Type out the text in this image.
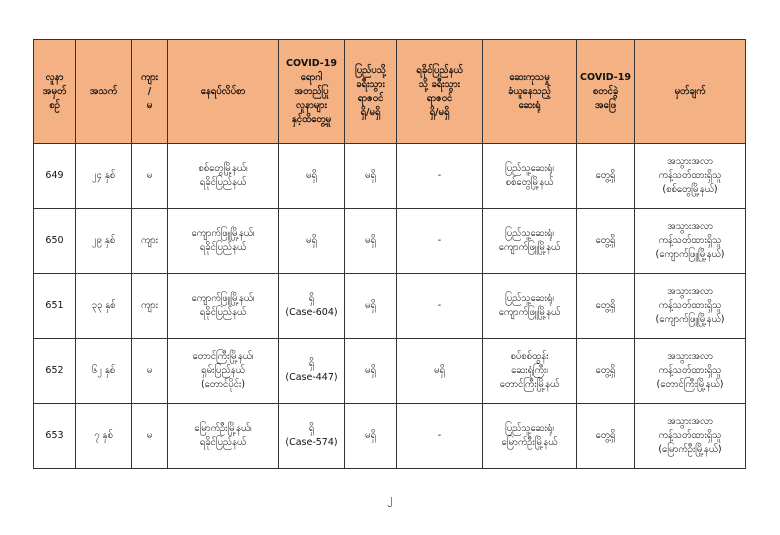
လူနာ
အမှတ်
စဉ်	အသက်	ကျား
/
မ	နေရပ်လိပ်စာ	COVID-19
ရောဂါ
အတည်ပြု
လူနာများ
နှင့်ထိတွေ့မှု	ပြည်ပသို့
ခရီးသွား
ရာဇဝင်
ရှိ/မရှိ	ရခိုင်ပြည်နယ်
သို့ ခရီးသွား
ရာဇဝင်
ရှိ/မရှိ	ဆေးကုသမှု
ခံယူနေသည့်
ဆေးရုံ	COVID-19
စတင်ခွဲ
အဖြေ	မှတ်ချက်

649	၂၄ နှစ်	မ	စစ်တွေမြို့နယ်၊
ရခိုင်ပြည်နယ်	မရှိ	မရှိ	-	ပြည်သူ့ဆေးရုံ၊
စစ်တွေမြို့နယ်	တွေ့ရှိ	အသွားအလာ
ကန့်သတ်ထားရှိသူ
(စစ်တွေမြို့နယ်)

650	၂၉ နှစ်	ကျား	ကျောက်ဖြူမြို့နယ်၊
ရခိုင်ပြည်နယ်	မရှိ	မရှိ	-	ပြည်သူ့ဆေးရုံ၊
ကျောက်ဖြူမြို့နယ်	တွေ့ရှိ	အသွားအလာ
ကန့်သတ်ထားရှိသူ
(ကျောက်ဖြူမြို့နယ်)

651	၃၃ နှစ်	ကျား	ကျောက်ဖြူမြို့နယ်၊
ရခိုင်ပြည်နယ်	ရှိ
(Case-604)	မရှိ	-	ပြည်သူ့ဆေးရုံ၊
ကျောက်ဖြူမြို့နယ်	တွေ့ရှိ	အသွားအလာ
ကန့်သတ်ထားရှိသူ
(ကျောက်ဖြူမြို့နယ်)

652	၆၂ နှစ်	မ	တောင်ကြီးမြို့နယ်၊
ရှမ်းပြည်နယ်
(တောင်ပိုင်း)	ရှိ
(Case-447)	မရှိ	မရှိ	စပ်စစ်ထွန်း
ဆေးရုံကြီး၊
တောင်ကြီးမြို့နယ်	တွေ့ရှိ	အသွားအလာ
ကန့်သတ်ထားရှိသူ
(တောင်ကြီးမြို့နယ်)

653	၇ နှစ်	မ	မြောက်ဦးမြို့နယ်၊
ရခိုင်ပြည်နယ်	ရှိ
(Case-574)	မရှိ	-	ပြည်သူ့ဆေးရုံ၊
မြောက်ဦးမြို့နယ်	တွေ့ရှိ	အသွားအလာ
ကန့်သတ်ထားရှိသူ
(မြောက်ဦးမြို့နယ်)
၂
